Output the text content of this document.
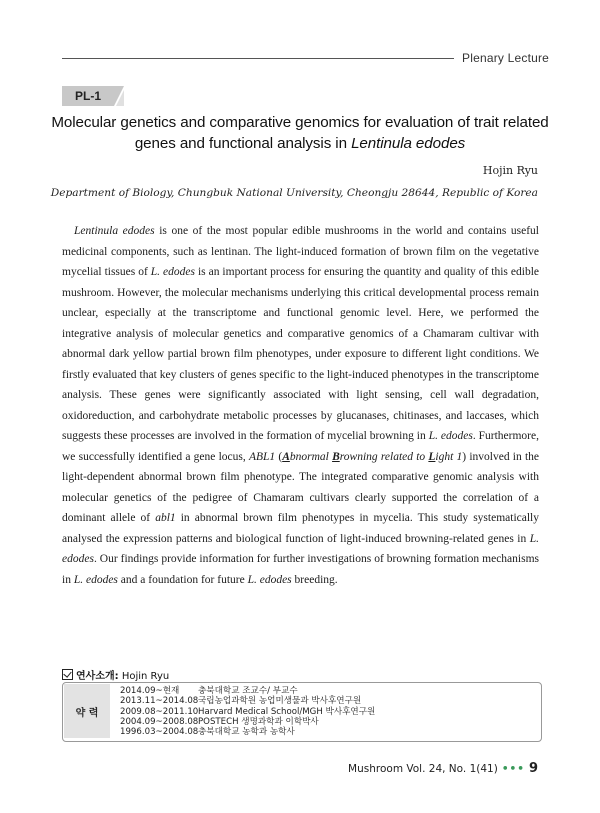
Plenary Lecture
PL-1
Molecular genetics and comparative genomics for evaluation of trait related
genes and functional analysis in Lentinula edodes
Hojin Ryu
Department of Biology, Chungbuk National University, Cheongju 28644, Republic of Korea
Lentinula edodes is one of the most popular edible mushrooms in the world and contains useful medicinal components, such as lentinan. The light-induced formation of brown film on the vegetative mycelial tissues of L. edodes is an important process for ensuring the quantity and quality of this edible mushroom. However, the molecular mechanisms underlying this critical developmental process remain unclear, especially at the transcriptome and functional genomic level. Here, we performed the integrative analysis of molecular genetics and comparative genomics of a Chamaram cultivar with abnormal dark yellow partial brown film phenotypes, under exposure to different light conditions. We firstly evaluated that key clusters of genes specific to the light-induced phenotypes in the transcriptome analysis. These genes were significantly associated with light sensing, cell wall degradation, oxidoreduction, and carbohydrate metabolic processes by glucanases, chitinases, and laccases, which suggests these processes are involved in the formation of mycelial browning in L. edodes. Furthermore, we successfully identified a gene locus, ABL1 (Abnormal Browning related to Light 1) involved in the light-dependent abnormal brown film phenotype. The integrated comparative genomic analysis with molecular genetics of the pedigree of Chamaram cultivars clearly supported the correlation of a dominant allele of abl1 in abnormal brown film phenotypes in mycelia. This study systematically analysed the expression patterns and biological function of light-induced browning-related genes in L. edodes. Our findings provide information for further investigations of browning formation mechanisms in L. edodes and a foundation for future L. edodes breeding.
연사소개: Hojin Ryu
약 력
2014.09~현재 충북대학교 조교수/ 부교수
2013.11~2014.08국립농업과학원 농업미생물과 박사후연구원
2009.08~2011.10Harvard Medical School/MGH 박사후연구원
2004.09~2008.08POSTECH 생명과학과 이학박사
1996.03~2004.08충북대학교 농학과 농학사
Mushroom Vol. 24, No. 1(41) ••• 9
